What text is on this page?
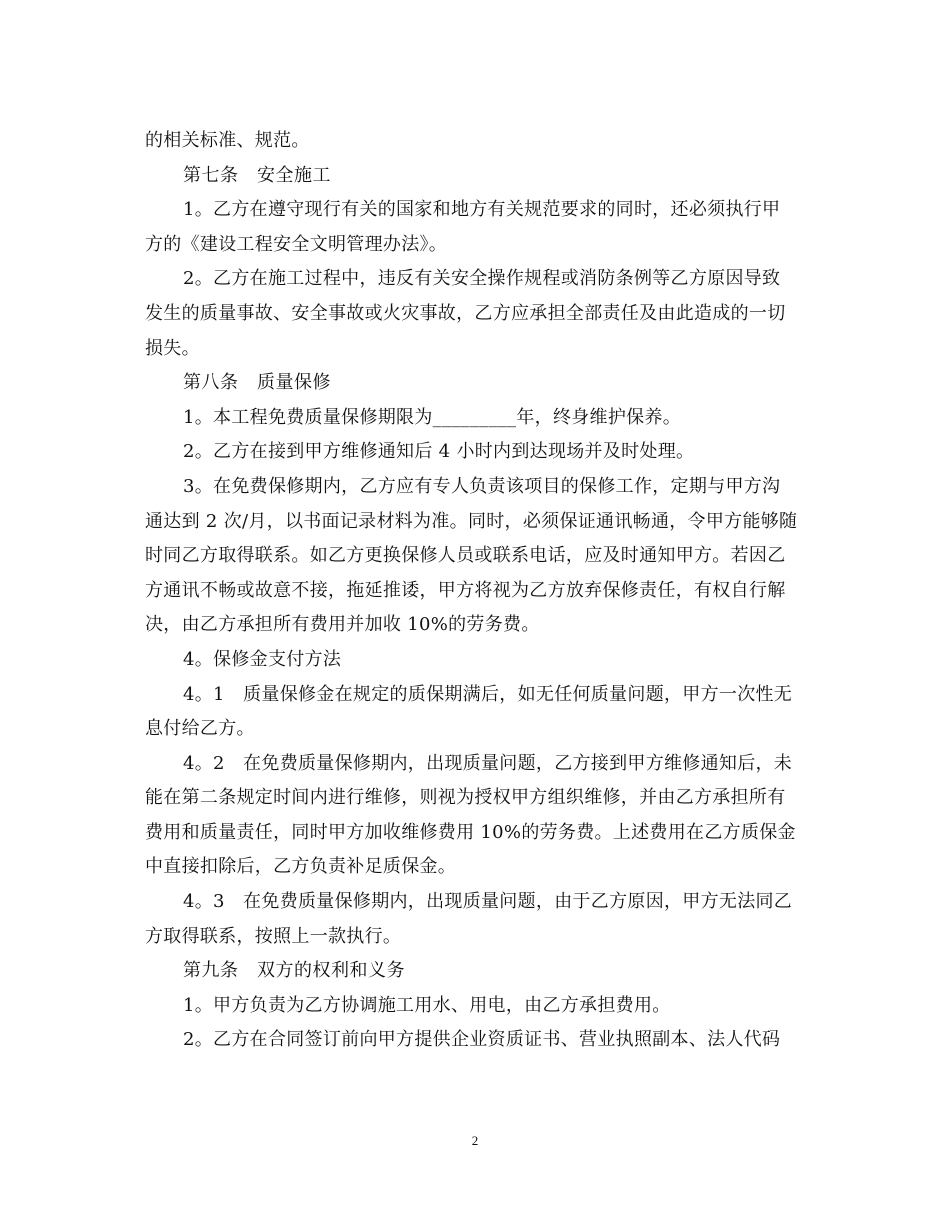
的相关标准、规范。
第七条　安全施工
1。乙方在遵守现行有关的国家和地方有关规范要求的同时，还必须执行甲
方的《建设工程安全文明管理办法》。
2。乙方在施工过程中，违反有关安全操作规程或消防条例等乙方原因导致
发生的质量事故、安全事故或火灾事故，乙方应承担全部责任及由此造成的一切
损失。
第八条　质量保修
1。本工程免费质量保修期限为_________年，终身维护保养。
2。乙方在接到甲方维修通知后 4 小时内到达现场并及时处理。
3。在免费保修期内，乙方应有专人负责该项目的保修工作，定期与甲方沟
通达到 2 次/月，以书面记录材料为准。同时，必须保证通讯畅通，令甲方能够随
时同乙方取得联系。如乙方更换保修人员或联系电话，应及时通知甲方。若因乙
方通讯不畅或故意不接，拖延推诿，甲方将视为乙方放弃保修责任，有权自行解
决，由乙方承担所有费用并加收 10%的劳务费。
4。保修金支付方法
4。1　质量保修金在规定的质保期满后，如无任何质量问题，甲方一次性无
息付给乙方。
4。2　在免费质量保修期内，出现质量问题，乙方接到甲方维修通知后，未
能在第二条规定时间内进行维修，则视为授权甲方组织维修，并由乙方承担所有
费用和质量责任，同时甲方加收维修费用 10%的劳务费。上述费用在乙方质保金
中直接扣除后，乙方负责补足质保金。
4。3　在免费质量保修期内，出现质量问题，由于乙方原因，甲方无法同乙
方取得联系，按照上一款执行。
第九条　双方的权利和义务
1。甲方负责为乙方协调施工用水、用电，由乙方承担费用。
2。乙方在合同签订前向甲方提供企业资质证书、营业执照副本、法人代码
2
